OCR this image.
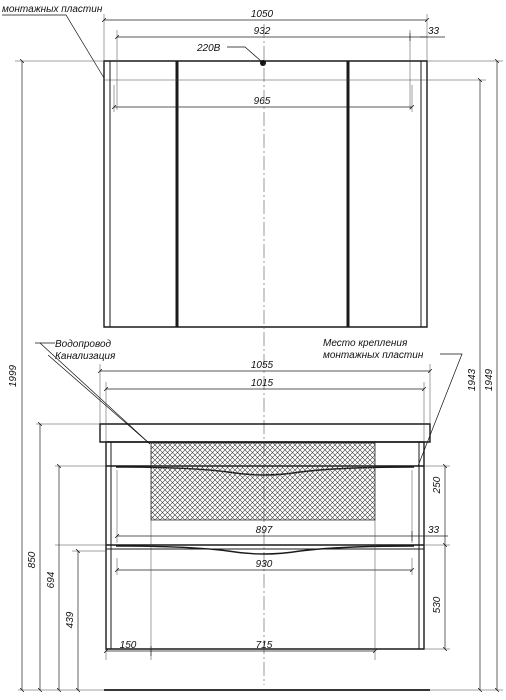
1050
932	33
220В
965
монтажных пластин
1055
1015
897	33
930
150	715
250
530
850
694
439
Водопровод
Канализация
Место крепления
монтажных пластин
1999	1943 1949
